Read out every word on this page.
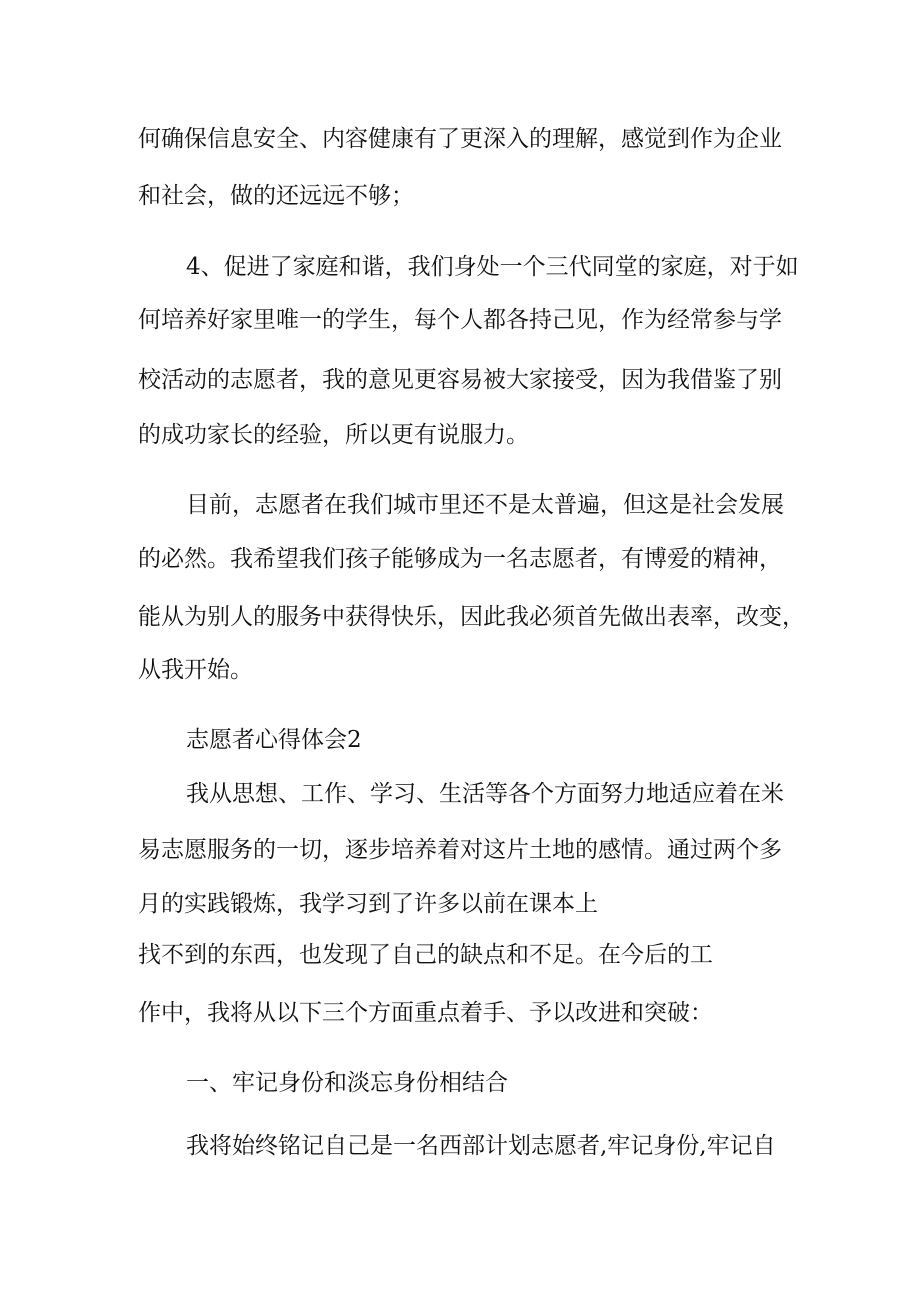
何确保信息安全、内容健康有了更深入的理解，感觉到作为企业
和社会，做的还远远不够；
4、促进了家庭和谐，我们身处一个三代同堂的家庭，对于如
何培养好家里唯一的学生，每个人都各持己见，作为经常参与学
校活动的志愿者，我的意见更容易被大家接受，因为我借鉴了别
的成功家长的经验，所以更有说服力。
目前，志愿者在我们城市里还不是太普遍，但这是社会发展
的必然。我希望我们孩子能够成为一名志愿者，有博爱的精神，
能从为别人的服务中获得快乐，因此我必须首先做出表率，改变，
从我开始。
志愿者心得体会2
我从思想、工作、学习、生活等各个方面努力地适应着在米
易志愿服务的一切，逐步培养着对这片土地的感情。通过两个多
月的实践锻炼，我学习到了许多以前在课本上
找不到的东西，也发现了自己的缺点和不足。在今后的工
作中，我将从以下三个方面重点着手、予以改进和突破：
一、牢记身份和淡忘身份相结合
我将始终铭记自己是一名西部计划志愿者,牢记身份,牢记自
